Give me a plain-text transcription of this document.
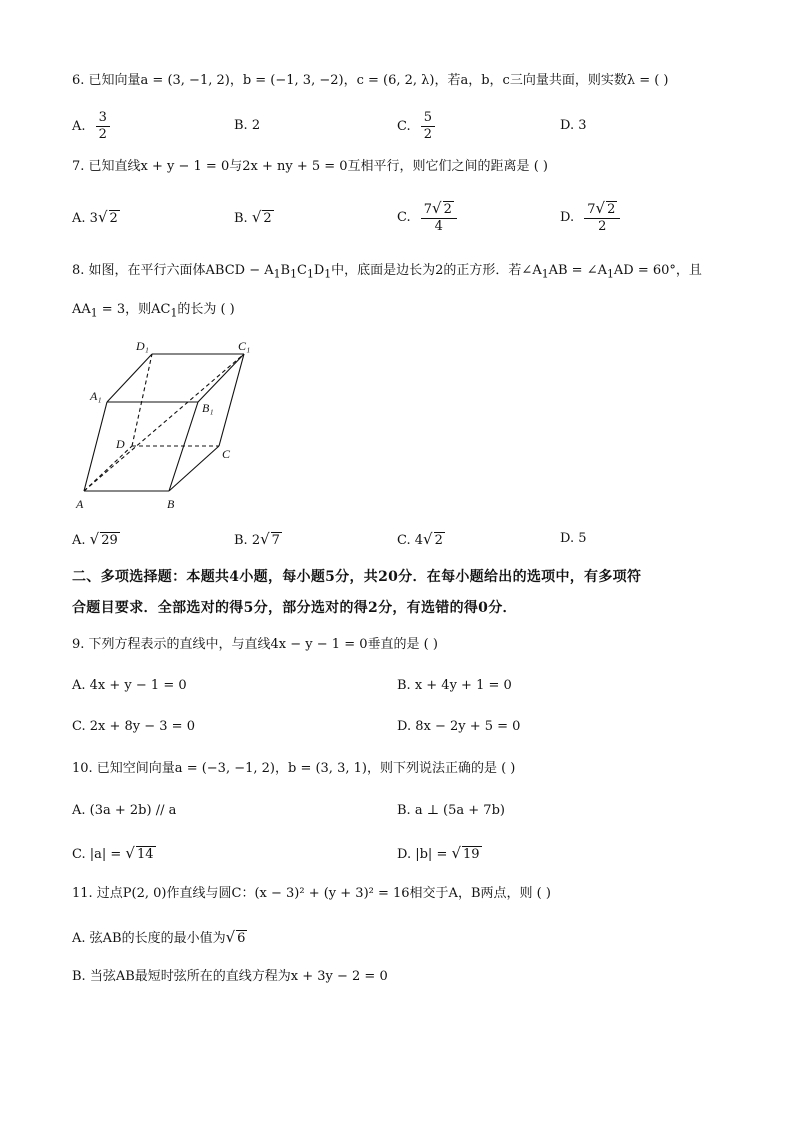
6. 已知向量a = (3, −1, 2)，b = (−1, 3, −2)，c = (6, 2, λ)，若a，b，c三向量共面，则实数λ = ( )
A. $\frac{3}{2}$	B. 2	C. $\frac{5}{2}$	D. 3
7. 已知直线x + y − 1 = 0与2x + ny + 5 = 0互相平行，则它们之间的距离是 ( )
A. 3√ 2	B. √ 2	C. $\frac{7√ 2}{4}$	D. $\frac{7√ 2}{2}$
8. 如图，在平行六面体ABCD − $A_1B_1C_1D_1$中，底面是边长为2的正方形．若$\angle A_1AB$ = $\angle A_1AD = 60^\circ$，且
$AA_1 = 3$，则$AC_1$的长为 ( )
D₁	C₁
A₁
B₁
D
C
A	B
A. √ 29	B. 2√ 7	C. 4√ 2	D. 5
二、多项选择题：本题共4小题，每小题5分，共20分．在每小题给出的选项中，有多项符
合题目要求．全部选对的得5分，部分选对的得2分，有选错的得0分．
9. 下列方程表示的直线中，与直线4x − y − 1 = 0垂直的是 ( )
A. 4x + y − 1 = 0	B. x + 4y + 1 = 0
C. 2x + 8y − 3 = 0	D. 8x − 2y + 5 = 0
10. 已知空间向量a = (−3, −1, 2)，b = (3, 3, 1)，则下列说法正确的是 ( )
A. (3a + 2b) // a	B. a ⊥ (5a + 7b)
C. |a| = √ 14	D. |b| = √ 19
11. 过点P(2, 0)作直线与圆C：(x − 3)² + (y + 3)² = 16相交于A，B两点，则 ( )
A. 弦AB的长度的最小值为√ 6
B. 当弦AB最短时弦所在的直线方程为x + 3y − 2 = 0
